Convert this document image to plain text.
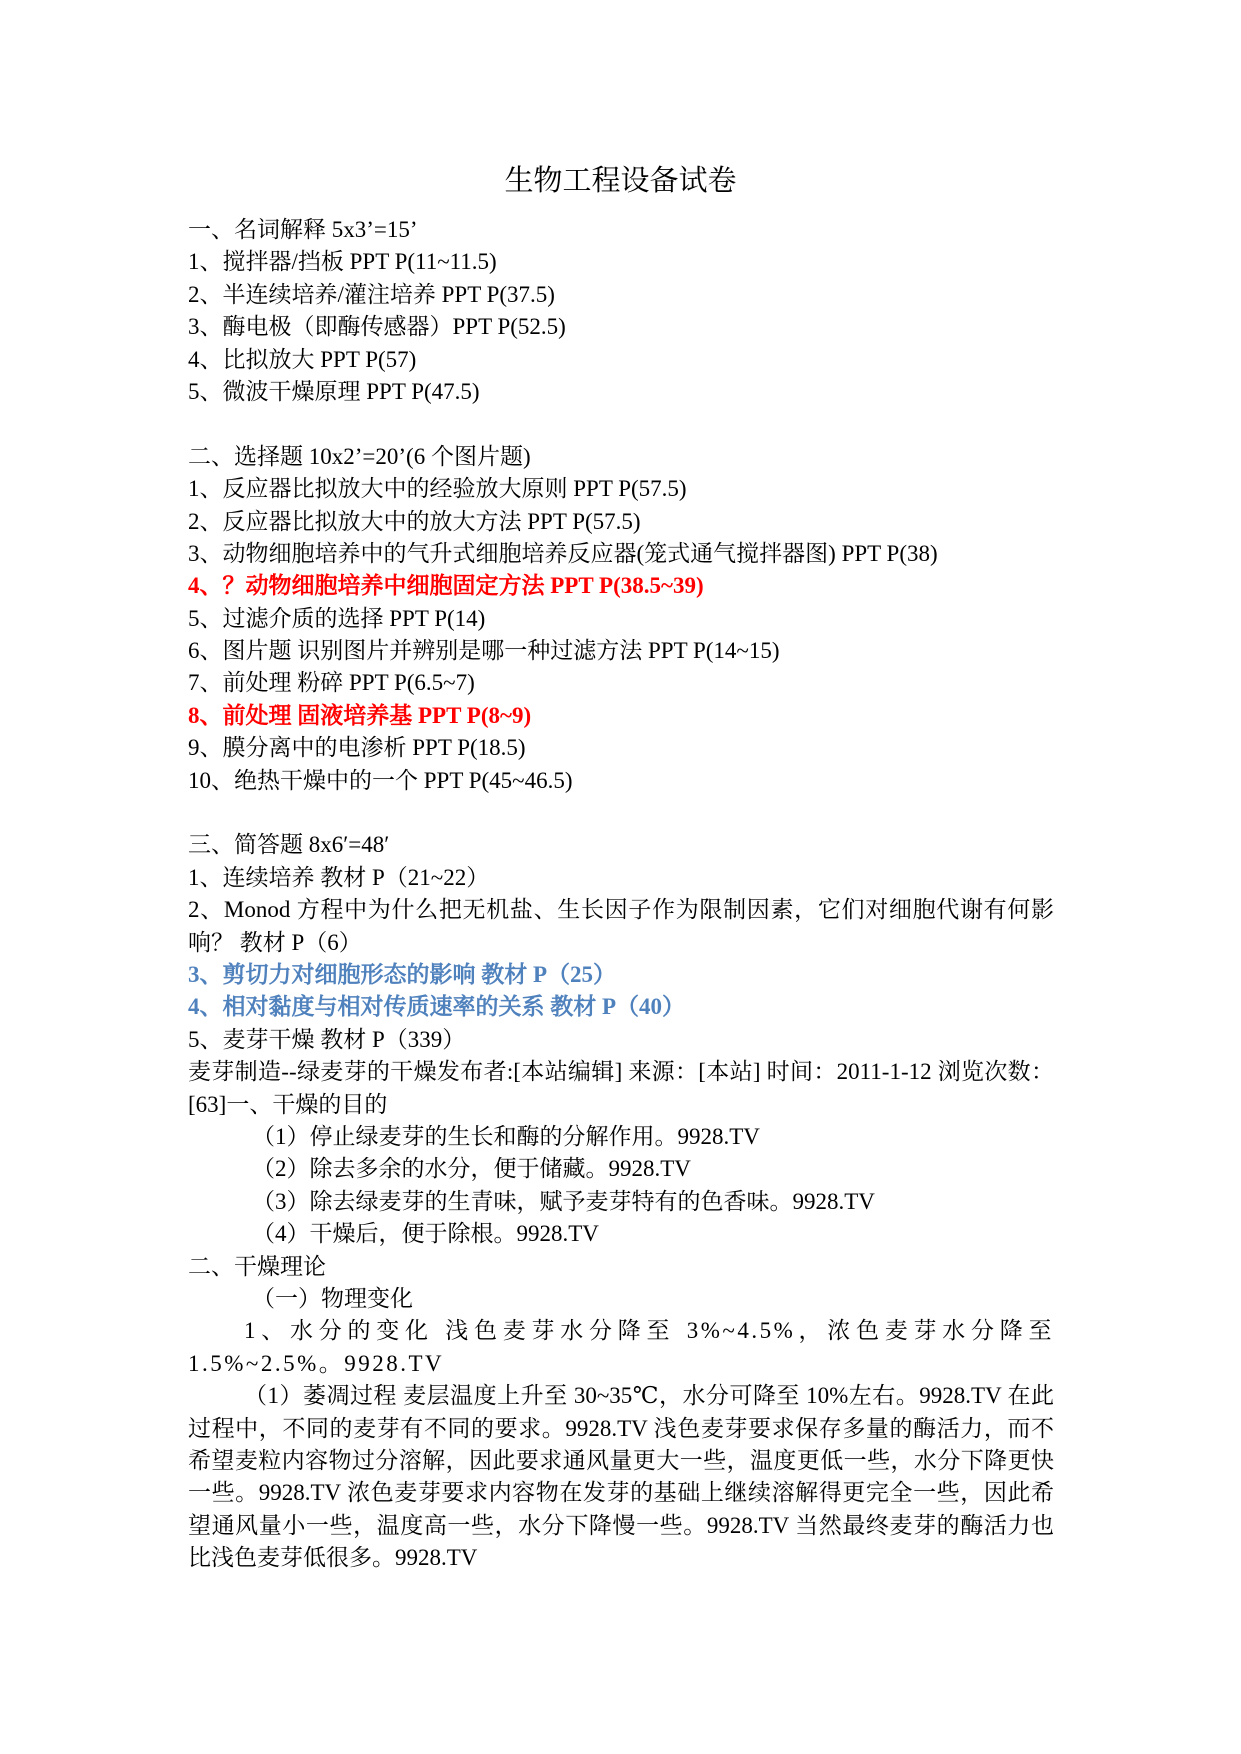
生物工程设备试卷
一、名词解释 5x3’=15’
1、搅拌器/挡板 PPT P(11~11.5)
2、半连续培养/灌注培养 PPT P(37.5)
3、酶电极（即酶传感器）PPT P(52.5)
4、比拟放大 PPT P(57)
5、微波干燥原理 PPT P(47.5)
二、选择题 10x2’=20’(6 个图片题)
1、反应器比拟放大中的经验放大原则 PPT P(57.5)
2、反应器比拟放大中的放大方法 PPT P(57.5)
3、动物细胞培养中的气升式细胞培养反应器(笼式通气搅拌器图) PPT P(38)
4、？动物细胞培养中细胞固定方法 PPT P(38.5~39)
5、过滤介质的选择 PPT P(14)
6、图片题 识别图片并辨别是哪一种过滤方法 PPT P(14~15)
7、前处理 粉碎 PPT P(6.5~7)
8、前处理 固液培养基 PPT P(8~9)
9、膜分离中的电渗析 PPT P(18.5)
10、绝热干燥中的一个 PPT P(45~46.5)
三、简答题 8x6′=48′
1、连续培养 教材 P（21~22）
2、Monod 方程中为什么把无机盐、生长因子作为限制因素，它们对细胞代谢有何影响？ 教材 P（6）
3、剪切力对细胞形态的影响 教材 P（25）
4、相对黏度与相对传质速率的关系 教材 P（40）
5、麦芽干燥 教材 P（339）
麦芽制造--绿麦芽的干燥发布者:[本站编辑] 来源：[本站] 时间：2011-1-12 浏览次数：[63]一、干燥的目的
（1）停止绿麦芽的生长和酶的分解作用。9928.TV
（2）除去多余的水分，便于储藏。9928.TV
（3）除去绿麦芽的生青味，赋予麦芽特有的色香味。9928.TV
（4）干燥后，便于除根。9928.TV
二、干燥理论
（一）物理变化
1、水分的变化 浅色麦芽水分降至 3%~4.5%，浓色麦芽水分降至 1.5%~2.5%。9928.TV
（1）萎凋过程 麦层温度上升至 30~35℃，水分可降至 10%左右。9928.TV 在此过程中，不同的麦芽有不同的要求。9928.TV 浅色麦芽要求保存多量的酶活力，而不希望麦粒内容物过分溶解，因此要求通风量更大一些，温度更低一些，水分下降更快一些。9928.TV 浓色麦芽要求内容物在发芽的基础上继续溶解得更完全一些，因此希望通风量小一些，温度高一些，水分下降慢一些。9928.TV 当然最终麦芽的酶活力也比浅色麦芽低很多。9928.TV
